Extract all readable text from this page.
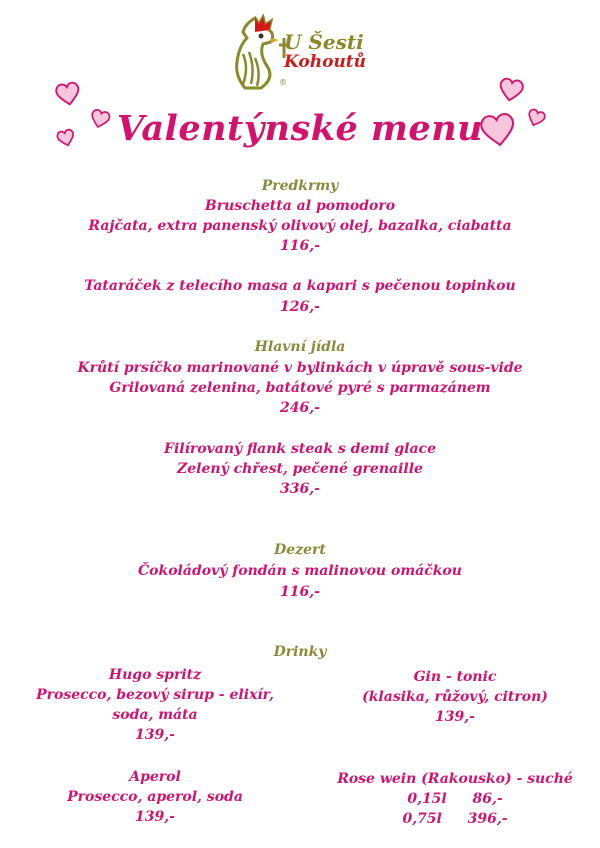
®
U Šesti
Kohoutů
Valentýnské menu
Predkrmy
Bruschetta al pomodoro
Rajčata, extra panenský olivový olej, bazalka, ciabatta
116,-
Tataráček z telecího masa a kapari s pečenou topinkou
126,-
Hlavní jídla
Krůtí prsíčko marinované v bylinkách v úpravě sous-vide
Grilovaná zelenina, batátové pyré s parmazánem
246,-
Filírovaný flank steak s demi glace
Zelený chřest, pečené grenaille
336,-
Dezert
Čokoládový fondán s malinovou omáčkou
116,-
Drinky
Hugo spritz
Prosecco, bezový sirup - elixír,
soda, máta
139,-
Gin - tonic
(klasika, růžový, citron)
139,-
Aperol
Prosecco, aperol, soda
139,-
Rose wein (Rakousko) - suché
0,15l 86,-
0,75l 396,-
